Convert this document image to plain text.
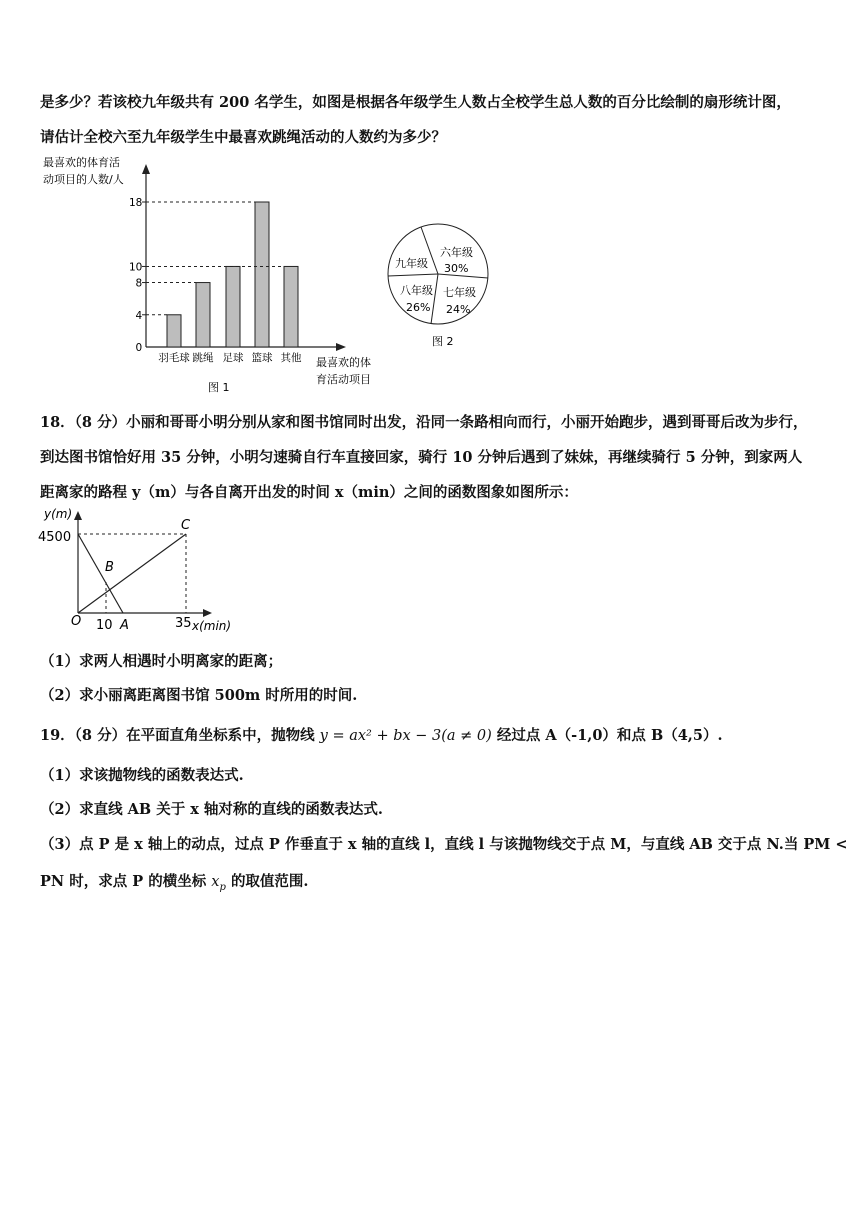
是多少？若该校九年级共有 200 名学生，如图是根据各年级学生人数占全校学生总人数的百分比绘制的扇形统计图，
请估计全校六至九年级学生中最喜欢跳绳活动的人数约为多少？
最喜欢的体育活
动项目的人数/人
0
4
8
10
18
羽毛球 跳绳 足球 篮球 其他 最喜欢的体
育活动项目
图 1
六年级
30%
七年级
24%
八年级
26%
九年级
图 2
18．（8 分）小丽和哥哥小明分别从家和图书馆同时出发，沿同一条路相向而行，小丽开始跑步，遇到哥哥后改为步行，
到达图书馆恰好用 35 分钟，小明匀速骑自行车直接回家，骑行 10 分钟后遇到了妹妹，再继续骑行 5 分钟，到家两人
距离家的路程 y（m）与各自离开出发的时间 x（min）之间的函数图象如图所示：
y(m)
4500
C
B
O 10 A	35 x(min)
（1）求两人相遇时小明离家的距离；
（2）求小丽离距离图书馆 500m 时所用的时间.
19．（8 分）在平面直角坐标系中，抛物线 y = ax² + bx − 3(a ≠ 0) 经过点 A（-1,0）和点 B（4,5）.
（1）求该抛物线的函数表达式.
（2）求直线 AB 关于 x 轴对称的直线的函数表达式.
（3）点 P 是 x 轴上的动点，过点 P 作垂直于 x 轴的直线 l，直线 l 与该抛物线交于点 M，与直线 AB 交于点 N.当 PM <
PN 时，求点 P 的横坐标 $x_p$ 的取值范围.
